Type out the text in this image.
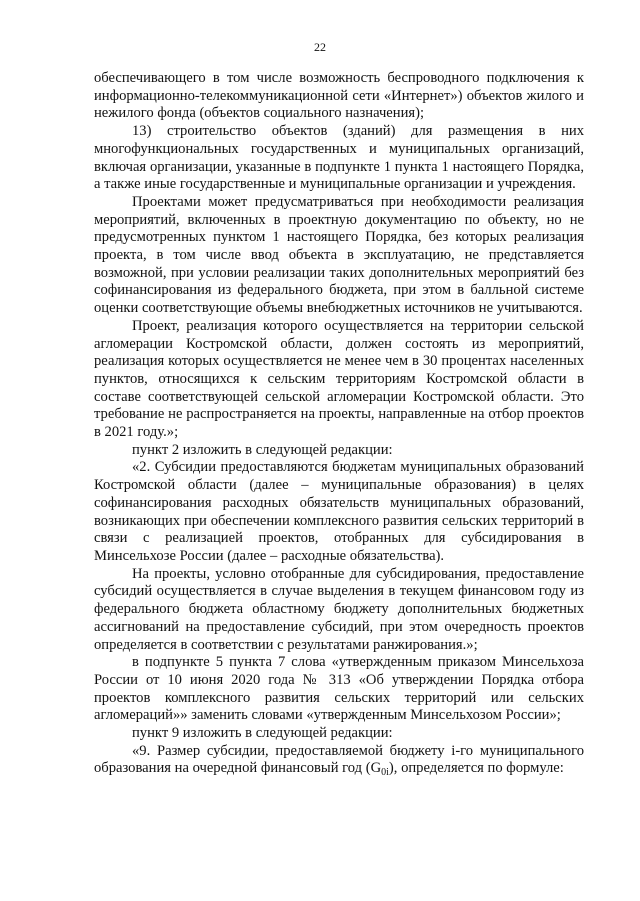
22

обеспечивающего в том числе возможность беспроводного подключения к информационно-телекоммуникационной сети «Интернет») объектов жилого и нежилого фонда (объектов социального назначения);

13) строительство объектов (зданий) для размещения в них многофункциональных государственных и муниципальных организаций, включая организации, указанные в подпункте 1 пункта 1 настоящего Порядка, а также иные государственные и муниципальные организации и учреждения.

Проектами может предусматриваться при необходимости реализация мероприятий, включенных в проектную документацию по объекту, но не предусмотренных пунктом 1 настоящего Порядка, без которых реализация проекта, в том числе ввод объекта в эксплуатацию, не представляется возможной, при условии реализации таких дополнительных мероприятий без софинансирования из федерального бюджета, при этом в балльной системе оценки соответствующие объемы внебюджетных источников не учитываются.

Проект, реализация которого осуществляется на территории сельской агломерации Костромской области, должен состоять из мероприятий, реализация которых осуществляется не менее чем в 30 процентах населенных пунктов, относящихся к сельским территориям Костромской области в составе соответствующей сельской агломерации Костромской области. Это требование не распространяется на проекты, направленные на отбор проектов в 2021 году.»;

пункт 2 изложить в следующей редакции:

«2. Субсидии предоставляются бюджетам муниципальных образований Костромской области (далее – муниципальные образования) в целях софинансирования расходных обязательств муниципальных образований, возникающих при обеспечении комплексного развития сельских территорий в связи с реализацией проектов, отобранных для субсидирования в Минсельхозе России (далее – расходные обязательства).

На проекты, условно отобранные для субсидирования, предоставление субсидий осуществляется в случае выделения в текущем финансовом году из федерального бюджета областному бюджету дополнительных бюджетных ассигнований на предоставление субсидий, при этом очередность проектов определяется в соответствии с результатами ранжирования.»;

в подпункте 5 пункта 7 слова «утвержденным приказом Минсельхоза России от 10 июня 2020 года № 313 «Об утверждении Порядка отбора проектов комплексного развития сельских территорий или сельских агломераций»» заменить словами «утвержденным Минсельхозом России»;

пункт 9 изложить в следующей редакции:

«9. Размер субсидии, предоставляемой бюджету i-го муниципального образования на очередной финансовый год $(G_{0i})$, определяется по формуле:
